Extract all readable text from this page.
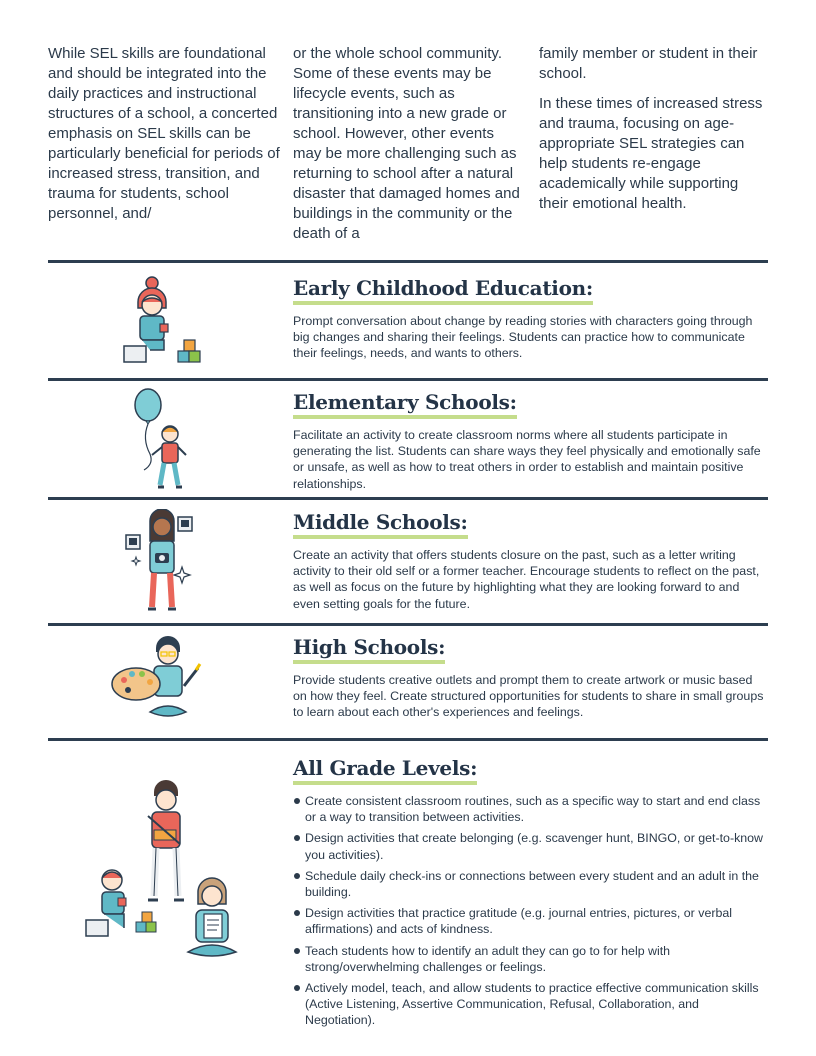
While SEL skills are foundational and should be integrated into the daily practices and instructional structures of a school, a concerted emphasis on SEL skills can be particularly beneficial for periods of increased stress, transition, and trauma for students, school personnel, and/

or the whole school community. Some of these events may be lifecycle events, such as transitioning into a new grade or school. However, other events may be more challenging such as returning to school after a natural disaster that damaged homes and buildings in the community or the death of a

family member or student in their school.

In these times of increased stress and trauma, focusing on age-appropriate SEL strategies can help students re-engage academically while supporting their emotional health.

Early Childhood Education:
Prompt conversation about change by reading stories with characters going through big changes and sharing their feelings. Students can practice how to communicate their feelings, needs, and wants to others.
Elementary Schools:
Facilitate an activity to create classroom norms where all students participate in generating the list. Students can share ways they feel physically and emotionally safe or unsafe, as well as how to treat others in order to establish and maintain positive relationships.
Middle Schools:
Create an activity that offers students closure on the past, such as a letter writing activity to their old self or a former teacher. Encourage students to reflect on the past, as well as focus on the future by highlighting what they are looking forward to and even setting goals for the future.
High Schools:
Provide students creative outlets and prompt them to create artwork or music based on how they feel. Create structured opportunities for students to share in small groups to learn about each other's experiences and feelings.
All Grade Levels:
Create consistent classroom routines, such as a specific way to start and end class or a way to transition between activities.
Design activities that create belonging (e.g. scavenger hunt, BINGO, or get-to-know you activities).
Schedule daily check-ins or connections between every student and an adult in the building.
Design activities that practice gratitude (e.g. journal entries, pictures, or verbal affirmations) and acts of kindness.
Teach students how to identify an adult they can go to for help with strong/overwhelming challenges or feelings.
Actively model, teach, and allow students to practice effective communication skills (Active Listening, Assertive Communication, Refusal, Collaboration, and Negotiation).
